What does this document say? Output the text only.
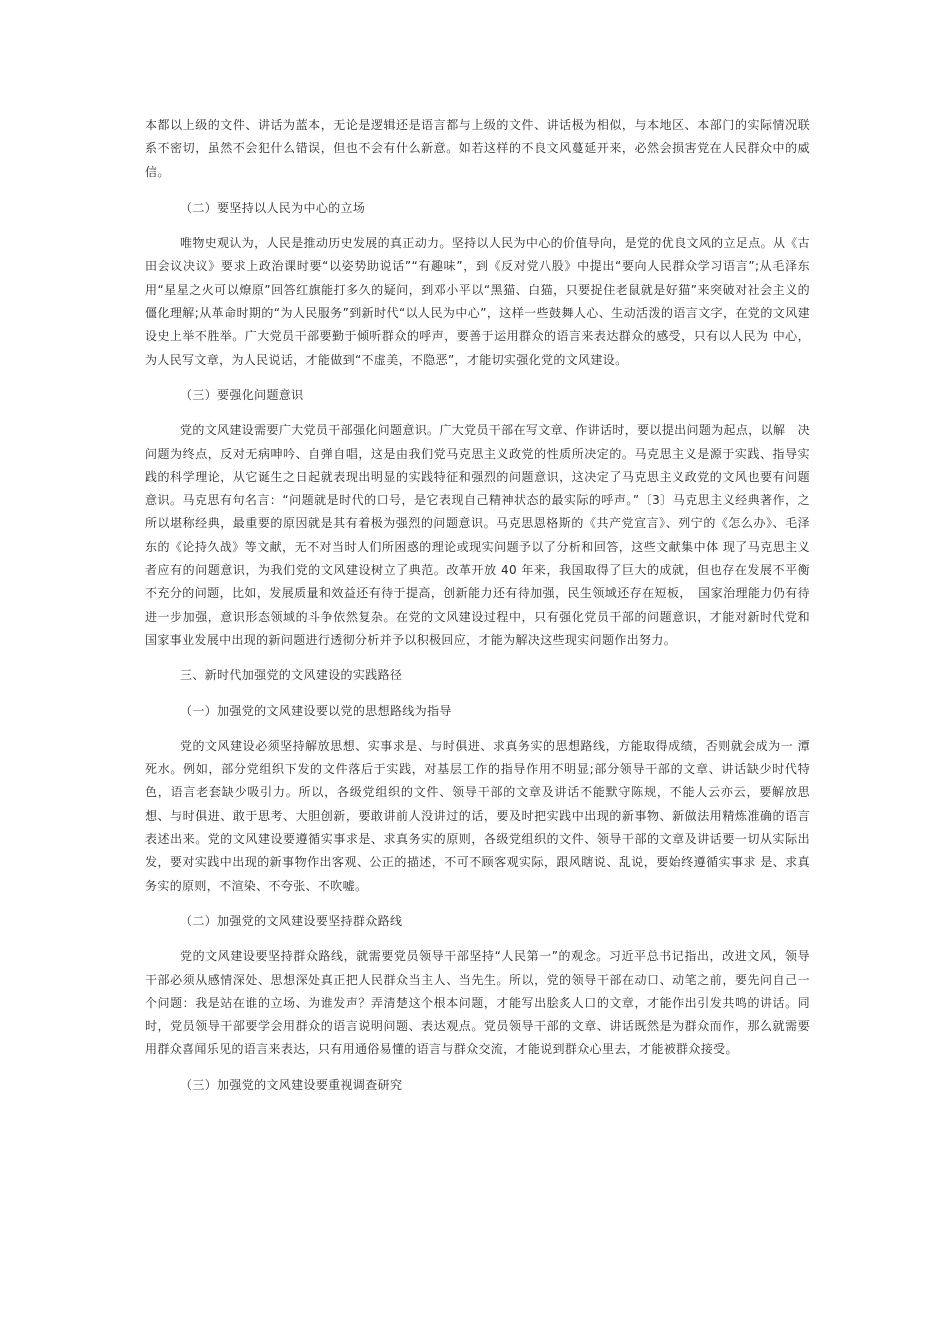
本都以上级的文件、讲话为蓝本，无论是逻辑还是语言都与上级的文件、讲话极为相似，与本地区、本部门的实际情况联系不密切，虽然不会犯什么错误，但也不会有什么新意。如若这样的不良文风蔓延开来，必然会损害党在人民群众中的威信。

（二）要坚持以人民为中心的立场

唯物史观认为，人民是推动历史发展的真正动力。坚持以人民为中心的价值导向，是党的优良文风的立足点。从《古田会议决议》要求上政治课时要“以姿势助说话”“有趣味”，到《反对党八股》中提出“要向人民群众学习语言”;从毛泽东用“星星之火可以燎原”回答红旗能打多久的疑问，到邓小平以“黑猫、白猫，只要捉住老鼠就是好猫”来突破对社会主义的僵化理解;从革命时期的“为人民服务”到新时代“以人民为中心”，这样一些鼓舞人心、生动活泼的语言文字，在党的文风建设史上举不胜举。广大党员干部要勤于倾听群众的呼声，要善于运用群众的语言来表达群众的感受，只有以人民为 中心，为人民写文章，为人民说话，才能做到“不虚美，不隐恶”，才能切实强化党的文风建设。

（三）要强化问题意识

党的文风建设需要广大党员干部强化问题意识。广大党员干部在写文章、作讲话时，要以提出问题为起点，以解　决问题为终点，反对无病呻吟、自弹自唱，这是由我们党马克思主义政党的性质所决定的。马克思主义是源于实践、指导实践的科学理论，从它诞生之日起就表现出明显的实践特征和强烈的问题意识，这决定了马克思主义政党的文风也要有问题意识。马克思有句名言：“问题就是时代的口号，是它表现自己精神状态的最实际的呼声。”〔3〕马克思主义经典著作，之所以堪称经典，最重要的原因就是其有着极为强烈的问题意识。马克思恩格斯的《共产党宣言》、列宁的《怎么办》、毛泽东的《论持久战》等文献，无不对当时人们所困惑的理论或现实问题予以了分析和回答，这些文献集中体 现了马克思主义者应有的问题意识，为我们党的文风建设树立了典范。改革开放 40 年来，我国取得了巨大的成就，但也存在发展不平衡不充分的问题，比如，发展质量和效益还有待于提高，创新能力还有待加强，民生领域还存在短板，　国家治理能力仍有待进一步加强，意识形态领域的斗争依然复杂。在党的文风建设过程中，只有强化党员干部的问题意识，才能对新时代党和国家事业发展中出现的新问题进行透彻分析并予以积极回应，才能为解决这些现实问题作出努力。

三、新时代加强党的文风建设的实践路径

（一）加强党的文风建设要以党的思想路线为指导

党的文风建设必须坚持解放思想、实事求是、与时俱进、求真务实的思想路线，方能取得成绩，否则就会成为一 潭死水。例如，部分党组织下发的文件落后于实践，对基层工作的指导作用不明显;部分领导干部的文章、讲话缺少时代特色，语言老套缺少吸引力。所以，各级党组织的文件、领导干部的文章及讲话不能默守陈规，不能人云亦云，要解放思想、与时俱进、敢于思考、大胆创新，要敢讲前人没讲过的话，要及时把实践中出现的新事物、新做法用精炼准确的语言表述出来。党的文风建设要遵循实事求是、求真务实的原则，各级党组织的文件、领导干部的文章及讲话要一切从实际出发，要对实践中出现的新事物作出客观、公正的描述，不可不顾客观实际，跟风瞎说、乱说，要始终遵循实事求 是、求真务实的原则，不渲染、不夸张、不吹嘘。

（二）加强党的文风建设要坚持群众路线

党的文风建设要坚持群众路线，就需要党员领导干部坚持“人民第一”的观念。习近平总书记指出，改进文风，领导干部必须从感情深处、思想深处真正把人民群众当主人、当先生。所以，党的领导干部在动口、动笔之前，要先问自己一个问题：我是站在谁的立场、为谁发声？弄清楚这个根本问题，才能写出脍炙人口的文章，才能作出引发共鸣的讲话。同时，党员领导干部要学会用群众的语言说明问题、表达观点。党员领导干部的文章、讲话既然是为群众而作，那么就需要用群众喜闻乐见的语言来表达，只有用通俗易懂的语言与群众交流，才能说到群众心里去，才能被群众接受。

（三）加强党的文风建设要重视调查研究
